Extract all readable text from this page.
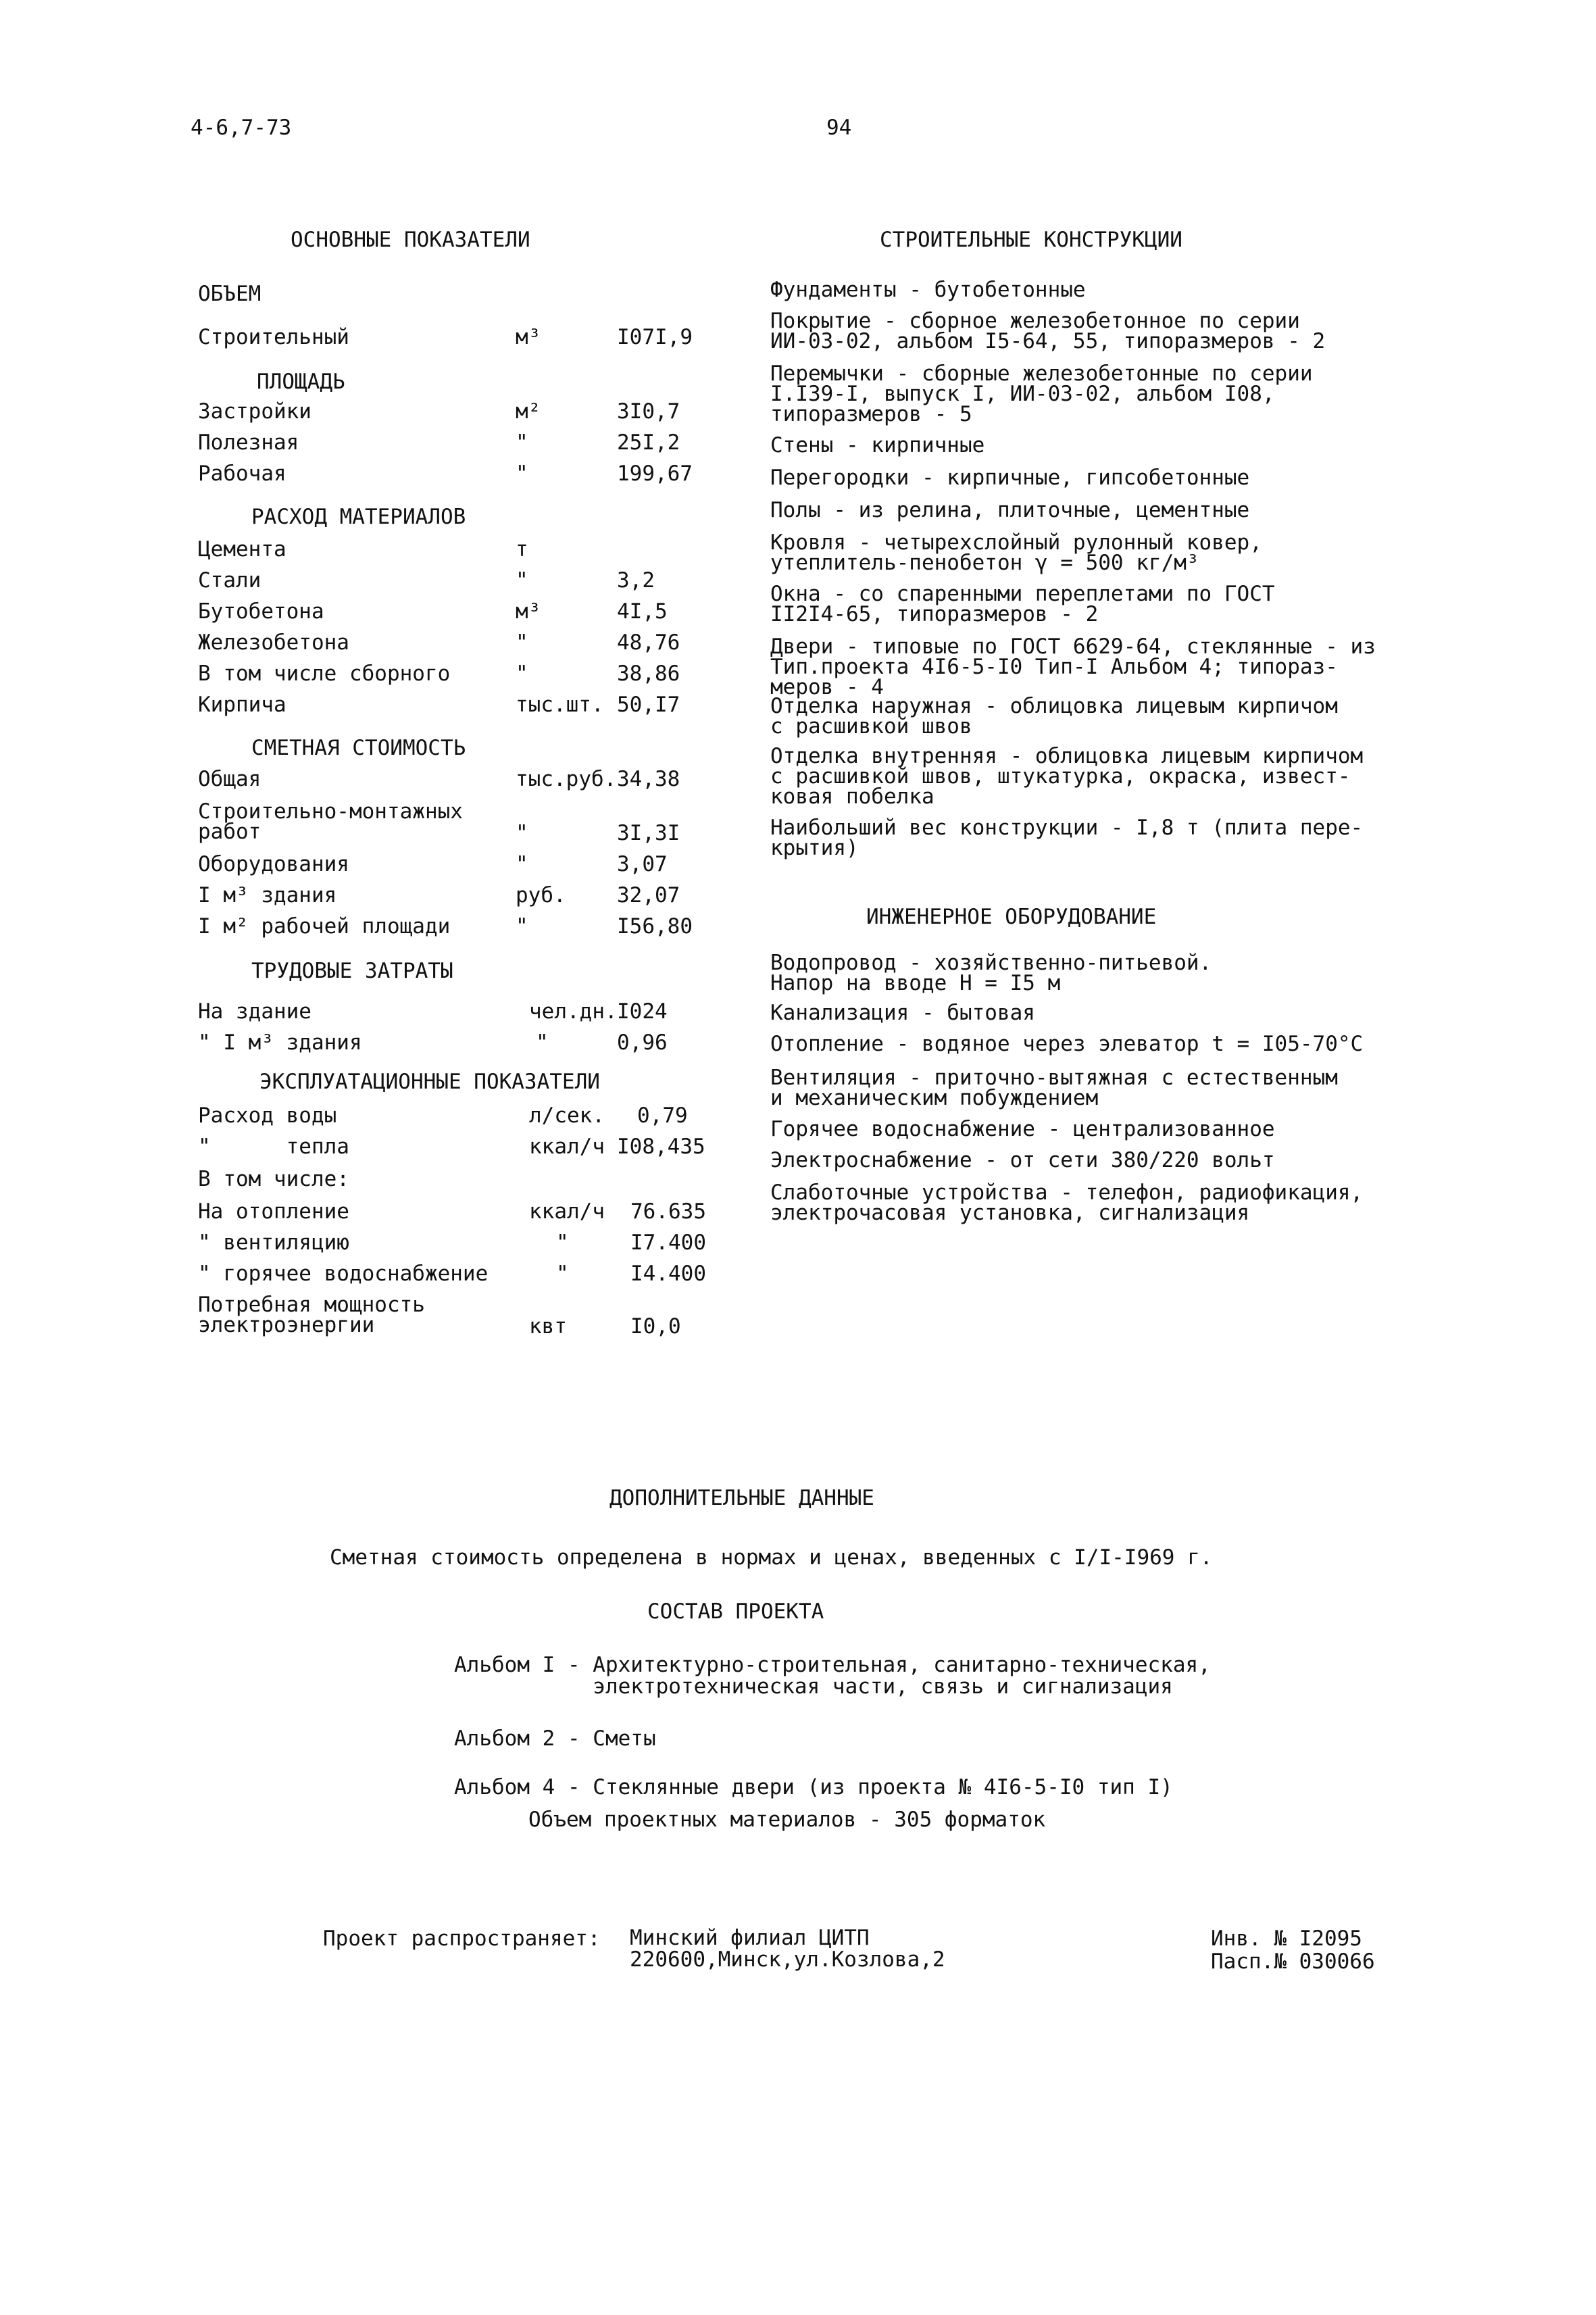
4-6,7-73	94
ОСНОВНЫЕ ПОКАЗАТЕЛИ
ОБЪЕМ
Строительный	м³	I07I,9
ПЛОЩАДЬ
Застройки	м²	3I0,7
Полезная	"	25I,2
Рабочая	"	199,67
РАСХОД МАТЕРИАЛОВ
Цемента	т
Стали	"	3,2
Бутобетона	м³	4I,5
Железобетона	"	48,76
В том числе сборного	"	38,86
Кирпича	тыс.шт. 50,I7
СМЕТНАЯ СТОИМОСТЬ
Общая	тыс.руб. 34,38
Строительно-монтажных
работ	"	3I,3I
Оборудования	"	3,07
I м³ здания	руб. 32,07
I м² рабочей площади	"	I56,80
ТРУДОВЫЕ ЗАТРАТЫ
На здание	чел.дн. I024
" I м³ здания	"	0,96
ЭКСПЛУАТАЦИОННЫЕ ПОКАЗАТЕЛИ
Расход воды	л/сек. 0,79
"      тепла	ккал/ч I08,435
В том числе:
На отопление	ккал/ч 76.635
" вентиляцию	"	I7.400
" горячее водоснабжение	"	I4.400
Потребная мощность
электроэнергии	квт	I0,0
СТРОИТЕЛЬНЫЕ КОНСТРУКЦИИ
Фундаменты - бутобетонные
Покрытие - сборное железобетонное по серии
ИИ-03-02, альбом I5-64, 55, типоразмеров - 2
Перемычки - сборные железобетонные по серии
I.I39-I, выпуск I, ИИ-03-02, альбом I08,
типоразмеров - 5
Стены - кирпичные
Перегородки - кирпичные, гипсобетонные
Полы - из релина, плиточные, цементные
Кровля - четырехслойный рулонный ковер,
утеплитель-пенобетон γ = 500 кг/м³
Окна - со спаренными переплетами по ГОСТ
II2I4-65, типоразмеров - 2
Двери - типовые по ГОСТ 6629-64, стеклянные - из
Тип.проекта 4I6-5-I0 Тип-I Альбом 4; типораз-
меров - 4
Отделка наружная - облицовка лицевым кирпичом
с расшивкой швов
Отделка внутренняя - облицовка лицевым кирпичом
с расшивкой швов, штукатурка, окраска, извест-
ковая побелка
Наибольший вес конструкции - I,8 т (плита пере-
крытия)
ИНЖЕНЕРНОЕ ОБОРУДОВАНИЕ
Водопровод - хозяйственно-питьевой.
Напор на вводе Н = I5 м
Канализация - бытовая
Отопление - водяное через элеватор t = I05-70°С
Вентиляция - приточно-вытяжная с естественным
и механическим побуждением
Горячее водоснабжение - централизованное
Электроснабжение - от сети 380/220 вольт
Слаботочные устройства - телефон, радиофикация,
электрочасовая установка, сигнализация
ДОПОЛНИТЕЛЬНЫЕ ДАННЫЕ
Сметная стоимость определена в нормах и ценах, введенных с I/I-I969 г.
СОСТАВ ПРОЕКТА
Альбом I - Архитектурно-строительная, санитарно-техническая,
электротехническая части, связь и сигнализация
Альбом 2 - Сметы
Альбом 4 - Стеклянные двери (из проекта № 4I6-5-I0 тип I)
Объем проектных материалов - 305 форматок
Проект распространяет: Минский филиал ЦИТП
220600,Минск,ул.Козлова,2
Инв. № I2095
Пасп.№ 030066
